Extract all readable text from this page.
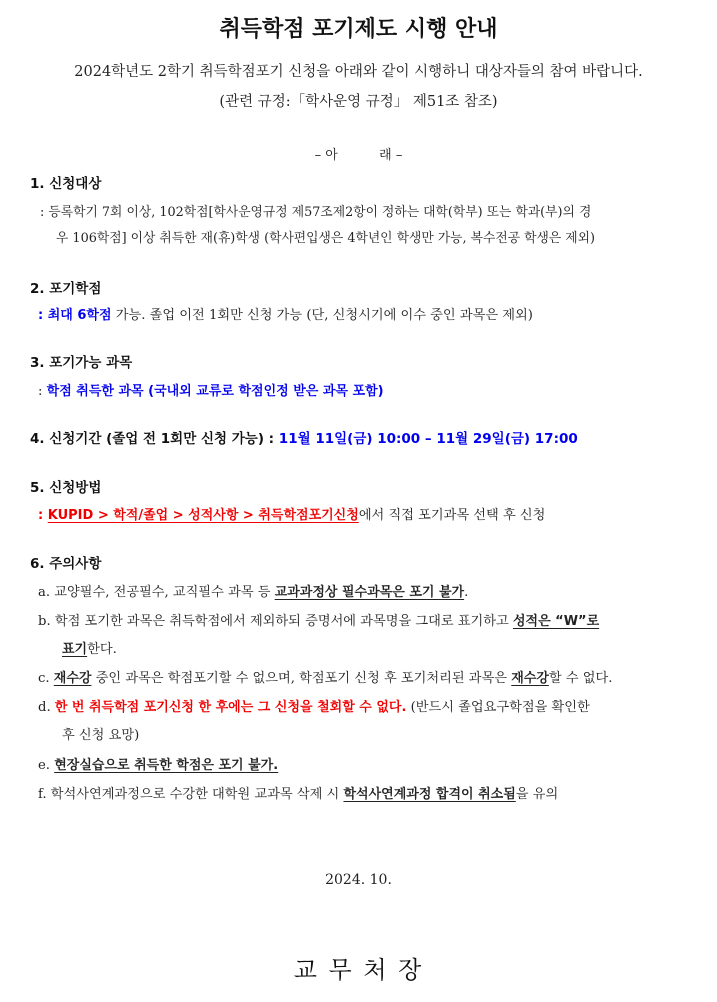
취득학점 포기제도 시행 안내
2024학년도 2학기 취득학점포기 신청을 아래와 같이 시행하니 대상자들의 참여 바랍니다.
(관련 규정:「학사운영 규정」 제51조 참조)
– 아          래 –
1. 신청대상
: 등록학기 7회 이상, 102학점[학사운영규정 제57조제2항이 정하는 대학(학부) 또는 학과(부)의 경
우 106학점] 이상 취득한 재(휴)학생 (학사편입생은 4학년인 학생만 가능, 복수전공 학생은 제외)
2. 포기학점
: 최대 6학점 가능. 졸업 이전 1회만 신청 가능 (단, 신청시기에 이수 중인 과목은 제외)
3. 포기가능 과목
: 학점 취득한 과목 (국내외 교류로 학점인정 받은 과목 포함)
4. 신청기간 (졸업 전 1회만 신청 가능) : 11월 11일(금) 10:00 – 11월 29일(금) 17:00
5. 신청방법
: KUPID > 학적/졸업 > 성적사항 > 취득학점포기신청에서 직접 포기과목 선택 후 신청
6. 주의사항
a. 교양필수, 전공필수, 교직필수 과목 등 교과과정상 필수과목은 포기 불가.
b. 학점 포기한 과목은 취득학점에서 제외하되 증명서에 과목명을 그대로 표기하고 성적은 “W”로
표기한다.
c. 재수강 중인 과목은 학점포기할 수 없으며, 학점포기 신청 후 포기처리된 과목은 재수강할 수 없다.
d. 한 번 취득학점 포기신청 한 후에는 그 신청을 철회할 수 없다. (반드시 졸업요구학점을 확인한
후 신청 요망)
e. 현장실습으로 취득한 학점은 포기 불가.
f. 학석사연계과정으로 수강한 대학원 교과목 삭제 시 학석사연계과정 합격이 취소됨을 유의
2024. 10.
교 무 처 장
